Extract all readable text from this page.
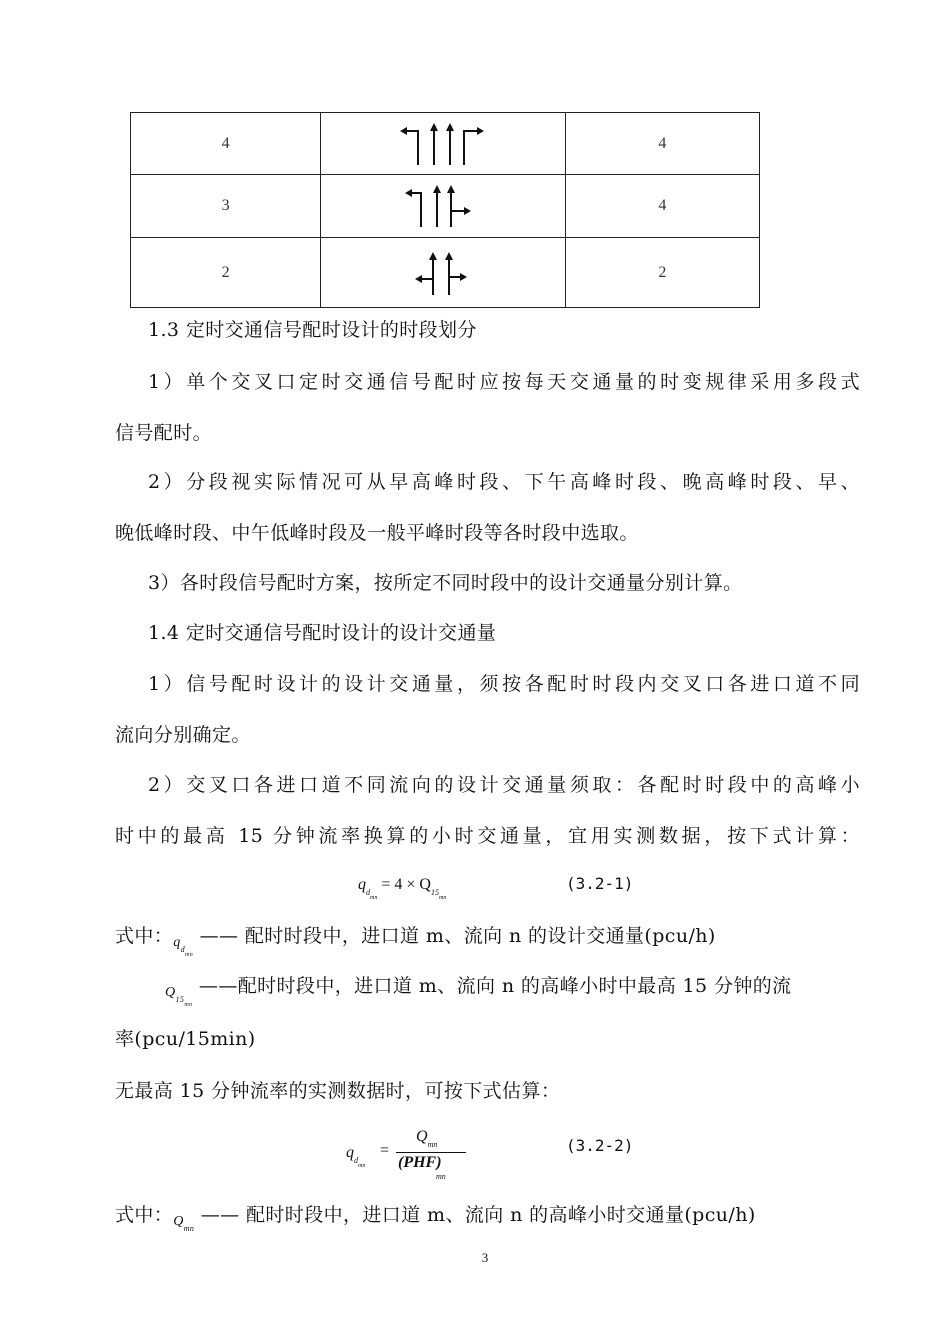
4		4
3		4
2		2
1.3 定时交通信号配时设计的时段划分
1）单个交叉口定时交通信号配时应按每天交通量的时变规律采用多段式
信号配时。
2）分段视实际情况可从早高峰时段、下午高峰时段、晚高峰时段、早、
晚低峰时段、中午低峰时段及一般平峰时段等各时段中选取。
3）各时段信号配时方案，按所定不同时段中的设计交通量分别计算。
1.4 定时交通信号配时设计的设计交通量
1）信号配时设计的设计交通量，须按各配时时段内交叉口各进口道不同
流向分别确定。
2）交叉口各进口道不同流向的设计交通量须取：各配时时段中的高峰小
时中的最高 15 分钟流率换算的小时交通量，宜用实测数据，按下式计算：
$q_{dmn} = 4 \times Q_{15mn}$
(3.2-1)
式中：$q_{dmn}$ —— 配时时段中，进口道 m、流向 n 的设计交通量(pcu/h)
$Q_{15mn}$ ——配时时段中，进口道 m、流向 n 的高峰小时中最高 15 分钟的流
率(pcu/15min)
无最高 15 分钟流率的实测数据时，可按下式估算：
$q_{dmn}$
=
$Q_{mn}$
(PHF)
mn
(3.2-2)
式中：$Q_{mn}$ —— 配时时段中，进口道 m、流向 n 的高峰小时交通量(pcu/h)
3
